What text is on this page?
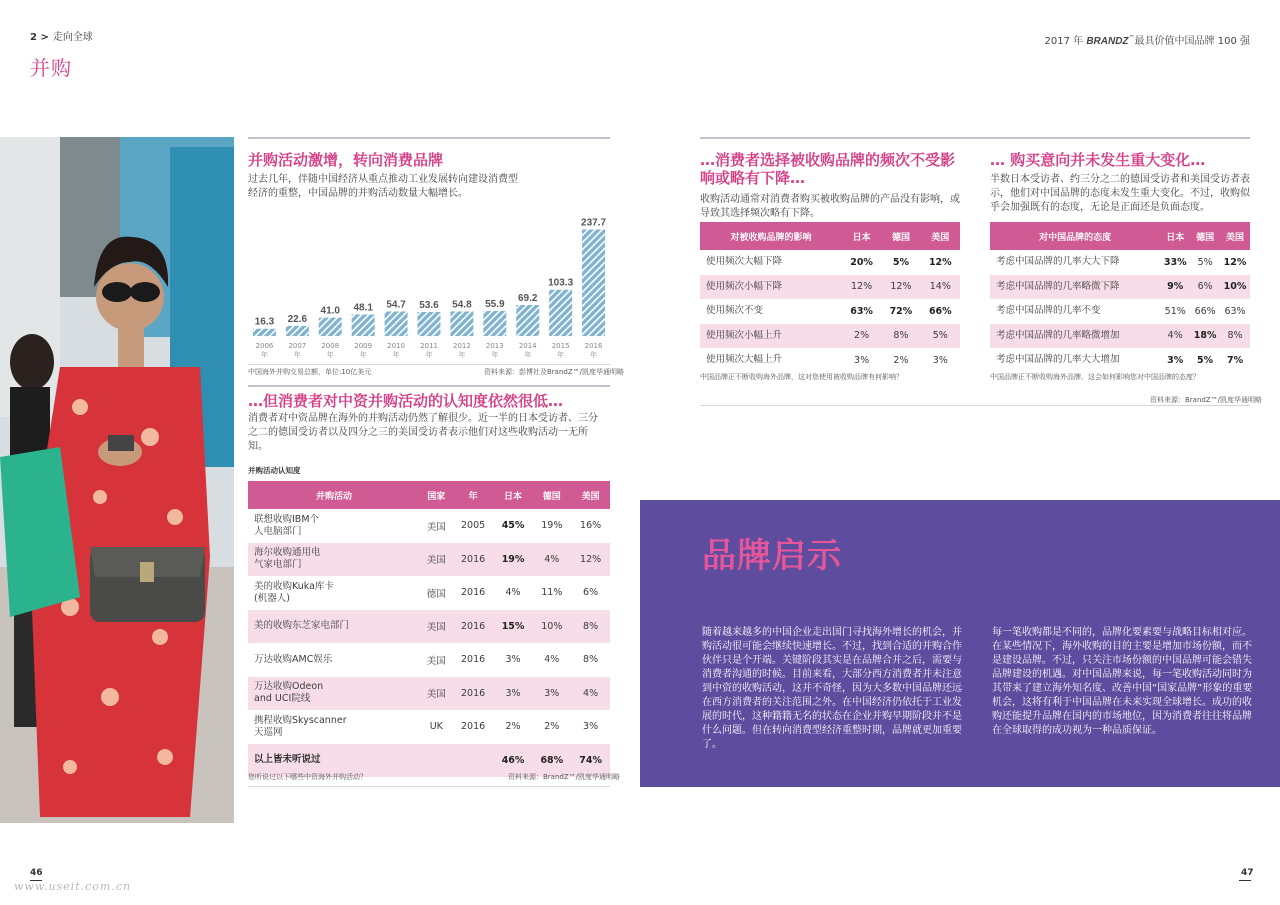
2 > 走向全球
并购
2017 年 BRANDZ™最具价值中国品牌 100 强
并购活动激增，转向消费品牌
过去几年，伴随中国经济从重点推动工业发展转向建设消费型经济的重整，中国品牌的并购活动数量大幅增长。
16.3
2006
年
22.6
2007
年
41.0
2008
年
48.1
2009
年
54.7
2010
年
53.6
2011
年
54.8
2012
年
55.9
2013
年
69.2
2014
年
103.3
2015
年
237.7
2016
年
中国海外并购交易总额，单位:10亿美元	资料来源：彭博社及BrandZ™/凯度华通明略
…但消费者对中资并购活动的认知度依然很低…
消费者对中资品牌在海外的并购活动仍然了解很少。近一半的日本受访者、三分之二的德国受访者以及四分之三的美国受访者表示他们对这些收购活动一无所知。
并购活动认知度
并购活动	国家	年	日本	德国	美国
联想收购IBM个
人电脑部门	美国	2005	45%	19%	16%
海尔收购通用电
气家电部门	美国	2016	19%	4%	12%
美的收购Kuka库卡
(机器人)	德国	2016	4%	11%	6%
美的收购东芝家电部门	美国	2016	15%	10%	8%
万达收购AMC娱乐	美国	2016	3%	4%	8%
万达收购Odeon
and UCI院线	美国	2016	3%	3%	4%
携程收购Skyscanner
天巡网	UK	2016	2%	2%	3%
以上皆未听说过			46%	68%	74%
您听说过以下哪些中资海外并购活动？	资料来源：BrandZ™/凯度华通明略
…消费者选择被收购品牌的频次不受影响或略有下降…
收购活动通常对消费者购买被收购品牌的产品没有影响，或导致其选择频次略有下降。
对被收购品牌的影响	日本	德国	美国
使用频次大幅下降	20%	5%	12%
使用频次小幅下降	12%	12%	14%
使用频次不变	63%	72%	66%
使用频次小幅上升	2%	8%	5%
使用频次大幅上升	3%	2%	3%
中国品牌正不断收购海外品牌，这对您使用被收购品牌有何影响？
… 购买意向并未发生重大变化…
半数日本受访者、约三分之二的德国受访者和美国受访者表示，他们对中国品牌的态度未发生重大变化。不过，收购似乎会加强既有的态度，无论是正面还是负面态度。
对中国品牌的态度	日本	德国	美国
考虑中国品牌的几率大大下降	33%	5%	12%
考虑中国品牌的几率略微下降	9%	6%	10%
考虑中国品牌的几率不变	51%	66%	63%
考虑中国品牌的几率略微增加	4%	18%	8%
考虑中国品牌的几率大大增加	3%	5%	7%
中国品牌正不断收购海外品牌，这会如何影响您对中国品牌的态度？
资料来源：BrandZ™/凯度华通明略
品牌启示
随着越来越多的中国企业走出国门寻找海外增长的机会，并购活动很可能会继续快速增长。不过，找到合适的并购合作伙伴只是个开端。关键阶段其实是在品牌合并之后，需要与消费者沟通的时候。目前来看，大部分西方消费者并未注意到中资的收购活动，这并不奇怪，因为大多数中国品牌还远在西方消费者的关注范围之外。在中国经济仍依托于工业发展的时代，这种籍籍无名的状态在企业并购早期阶段并不是什么问题。但在转向消费型经济重整时期，品牌就更加重要了。
每一笔收购都是不同的，品牌化要素要与战略目标相对应。在某些情况下，海外收购的目的主要是增加市场份额，而不是建设品牌。不过，只关注市场份额的中国品牌可能会错失品牌建设的机遇。对中国品牌来说，每一笔收购活动同时为其带来了建立海外知名度、改善中国“国家品牌”形象的重要机会，这将有利于中国品牌在未来实现全球增长。成功的收购还能提升品牌在国内的市场地位，因为消费者往往将品牌在全球取得的成功视为一种品质保证。
46	47
www.useit.com.cn
